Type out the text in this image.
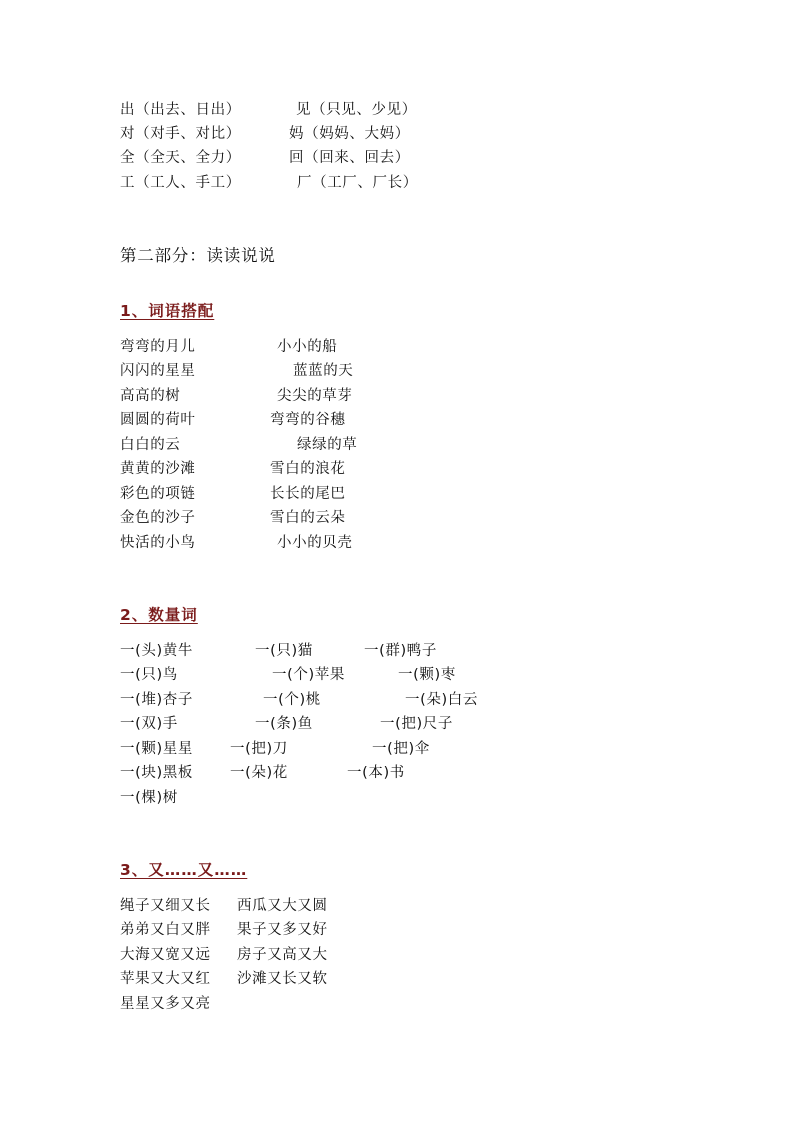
出（出去、日出）	见（只见、少见）
对（对手、对比）	妈（妈妈、大妈）
全（全天、全力）	回（回来、回去）
工（工人、手工）	厂（工厂、厂长）
第二部分：读读说说
1、词语搭配
弯弯的月儿	小小的船
闪闪的星星	蓝蓝的天
高高的树	尖尖的草芽
圆圆的荷叶	弯弯的谷穗
白白的云	绿绿的草
黄黄的沙滩	雪白的浪花
彩色的项链	长长的尾巴
金色的沙子	雪白的云朵
快活的小鸟	小小的贝壳
2、数量词
一(头)黄牛	一(只)猫	一(群)鸭子
一(只)鸟	一(个)苹果	一(颗)枣
一(堆)杏子	一(个)桃	一(朵)白云
一(双)手	一(条)鱼	一(把)尺子
一(颗)星星	一(把)刀	一(把)伞
一(块)黑板	一(朵)花	一(本)书
一(棵)树
3、又……又……
绳子又细又长 西瓜又大又圆
弟弟又白又胖 果子又多又好
大海又宽又远 房子又高又大
苹果又大又红 沙滩又长又软
星星又多又亮
